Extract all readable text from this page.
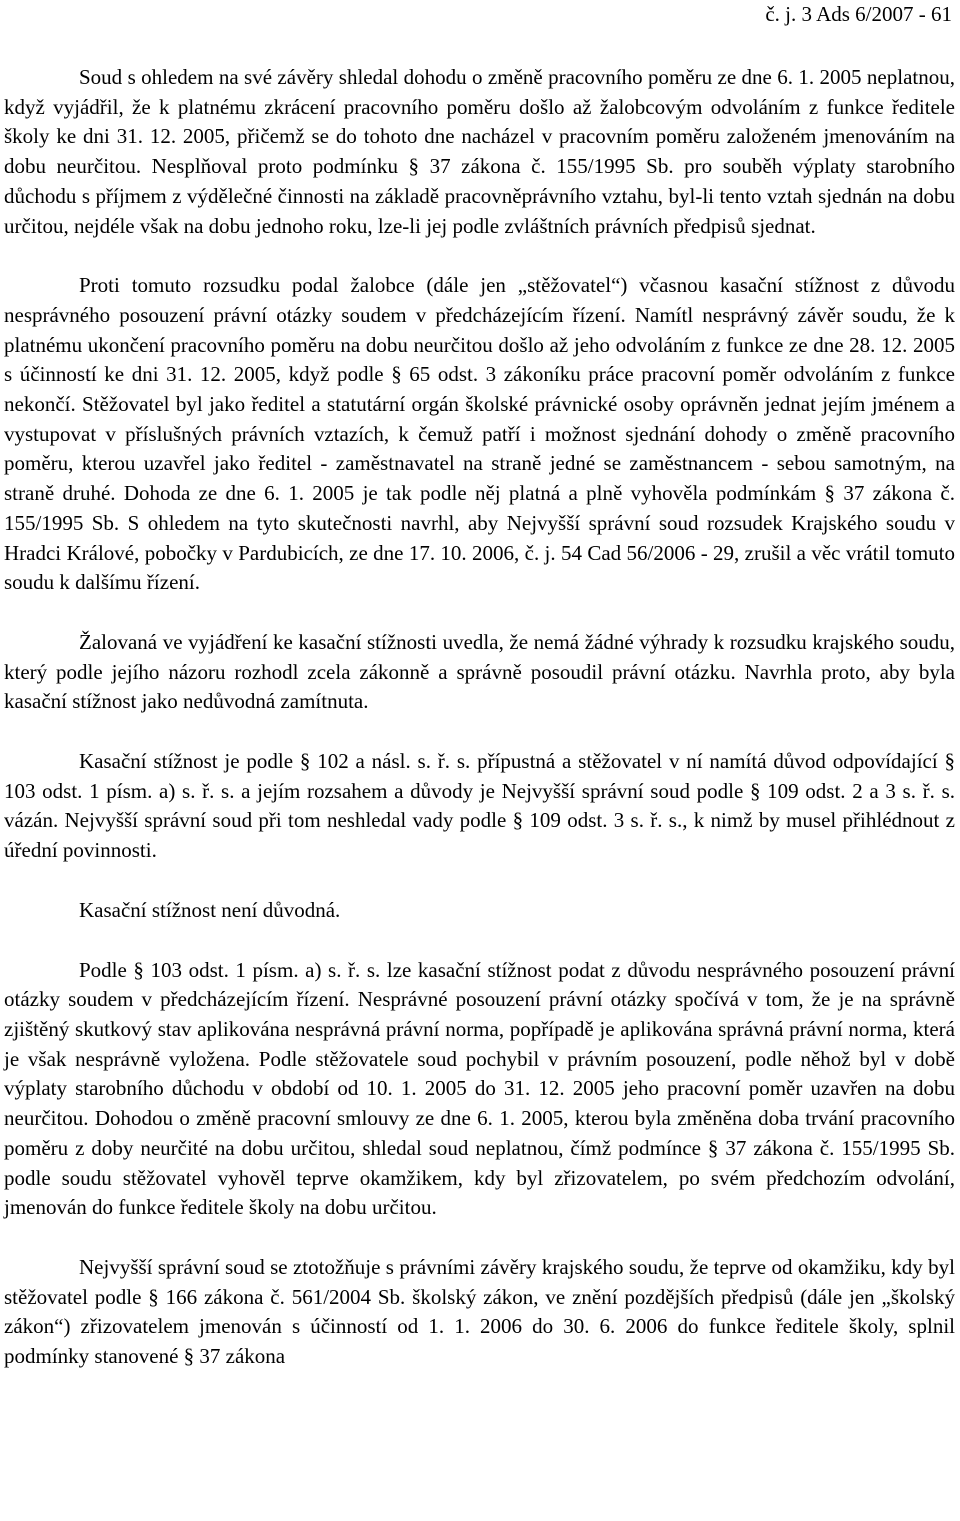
č. j. 3 Ads 6/2007 - 61

Soud s ohledem na své závěry shledal dohodu o změně pracovního poměru ze dne 6. 1. 2005 neplatnou, když vyjádřil, že k platnému zkrácení pracovního poměru došlo až žalobcovým odvoláním z funkce ředitele školy ke dni 31. 12. 2005, přičemž se do tohoto dne nacházel v pracovním poměru založeném jmenováním na dobu neurčitou. Nesplňoval proto podmínku § 37 zákona č. 155/1995 Sb. pro souběh výplaty starobního důchodu s příjmem z výdělečné činnosti na základě pracovněprávního vztahu, byl-li tento vztah sjednán na dobu určitou, nejdéle však na dobu jednoho roku, lze-li jej podle zvláštních právních předpisů sjednat.

Proti tomuto rozsudku podal žalobce (dále jen „stěžovatel“) včasnou kasační stížnost z důvodu nesprávného posouzení právní otázky soudem v předcházejícím řízení. Namítl nesprávný závěr soudu, že k platnému ukončení pracovního poměru na dobu neurčitou došlo až jeho odvoláním z funkce ze dne 28. 12. 2005 s účinností ke dni 31. 12. 2005, když podle § 65 odst. 3 zákoníku práce pracovní poměr odvoláním z funkce nekončí. Stěžovatel byl jako ředitel a statutární orgán školské právnické osoby oprávněn jednat jejím jménem a vystupovat v příslušných právních vztazích, k čemuž patří i možnost sjednání dohody o změně pracovního poměru, kterou uzavřel jako ředitel - zaměstnavatel na straně jedné se zaměstnancem - sebou samotným, na straně druhé. Dohoda ze dne 6. 1. 2005 je tak podle něj platná a plně vyhověla podmínkám § 37 zákona č. 155/1995 Sb. S ohledem na tyto skutečnosti navrhl, aby Nejvyšší správní soud rozsudek Krajského soudu v Hradci Králové, pobočky v Pardubicích, ze dne 17. 10. 2006, č. j. 54 Cad 56/2006 - 29, zrušil a věc vrátil tomuto soudu k dalšímu řízení.

Žalovaná ve vyjádření ke kasační stížnosti uvedla, že nemá žádné výhrady k rozsudku krajského soudu, který podle jejího názoru rozhodl zcela zákonně a správně posoudil právní otázku. Navrhla proto, aby byla kasační stížnost jako nedůvodná zamítnuta.

Kasační stížnost je podle § 102 a násl. s. ř. s. přípustná a stěžovatel v ní namítá důvod odpovídající § 103 odst. 1 písm. a) s. ř. s. a jejím rozsahem a důvody je Nejvyšší správní soud podle § 109 odst. 2 a 3 s. ř. s. vázán. Nejvyšší správní soud při tom neshledal vady podle § 109 odst. 3 s. ř. s., k nimž by musel přihlédnout z úřední povinnosti.

Kasační stížnost není důvodná.

Podle § 103 odst. 1 písm. a) s. ř. s. lze kasační stížnost podat z důvodu nesprávného posouzení právní otázky soudem v předcházejícím řízení. Nesprávné posouzení právní otázky spočívá v tom, že je na správně zjištěný skutkový stav aplikována nesprávná právní norma, popřípadě je aplikována správná právní norma, která je však nesprávně vyložena. Podle stěžovatele soud pochybil v právním posouzení, podle něhož byl v době výplaty starobního důchodu v období od 10. 1. 2005 do 31. 12. 2005 jeho pracovní poměr uzavřen na dobu neurčitou. Dohodou o změně pracovní smlouvy ze dne 6. 1. 2005, kterou byla změněna doba trvání pracovního poměru z doby neurčité na dobu určitou, shledal soud neplatnou, čímž podmínce § 37 zákona č. 155/1995 Sb. podle soudu stěžovatel vyhověl teprve okamžikem, kdy byl zřizovatelem, po svém předchozím odvolání, jmenován do funkce ředitele školy na dobu určitou.

Nejvyšší správní soud se ztotožňuje s právními závěry krajského soudu, že teprve od okamžiku, kdy byl stěžovatel podle § 166 zákona č. 561/2004 Sb. školský zákon, ve znění pozdějších předpisů (dále jen „školský zákon“) zřizovatelem jmenován s účinností od 1. 1. 2006 do 30. 6. 2006 do funkce ředitele školy, splnil podmínky stanovené § 37 zákona
